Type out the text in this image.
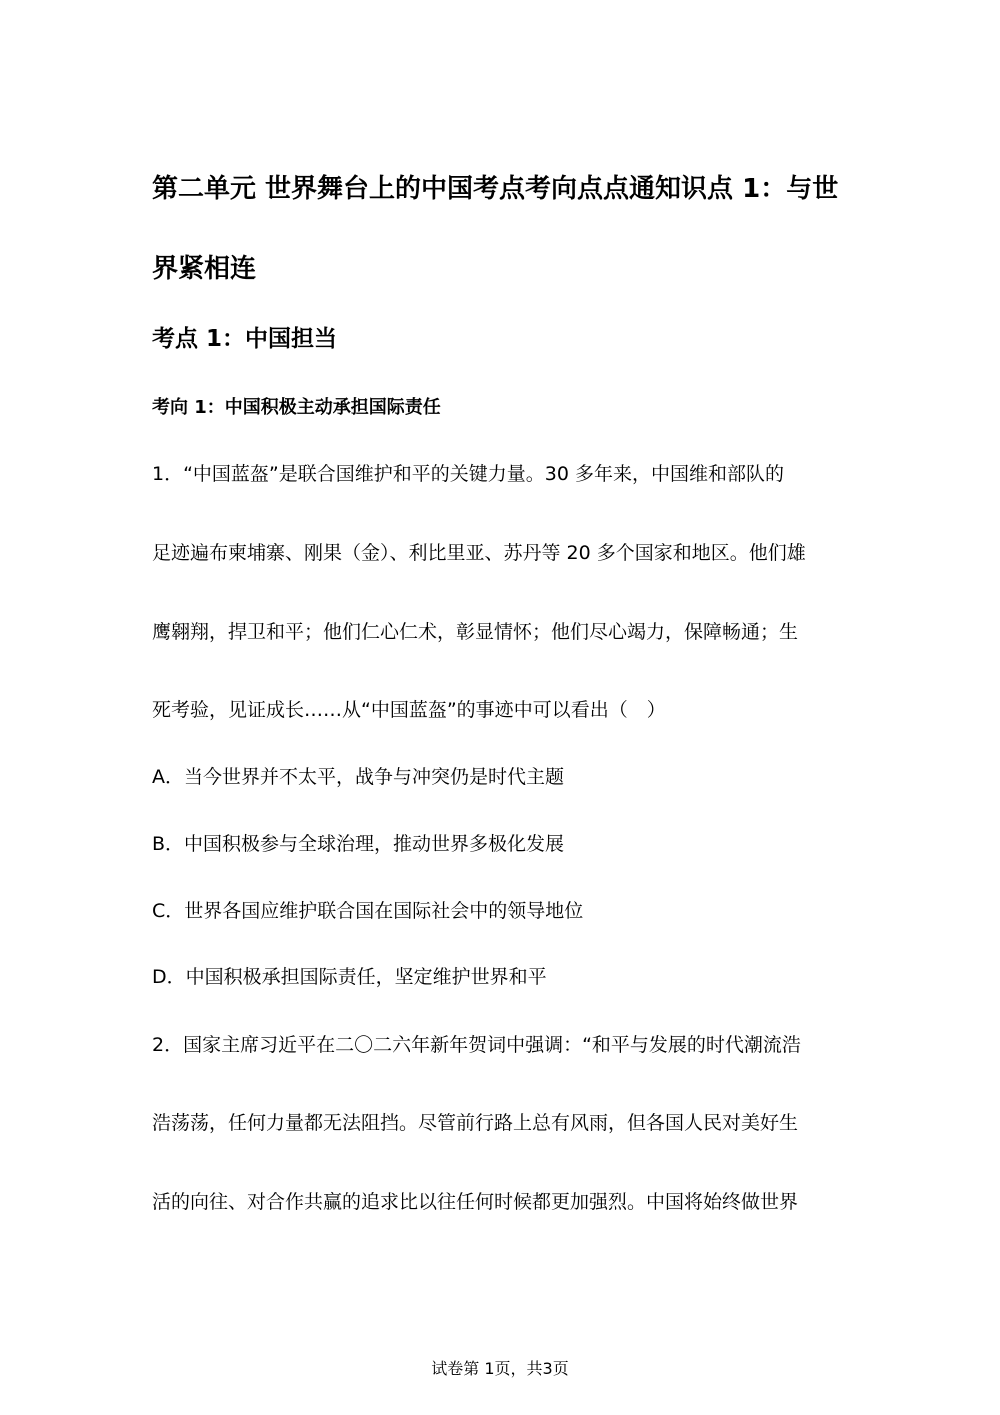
第二单元 世界舞台上的中国考点考向点点通知识点 1：与世
界紧相连
考点 1：中国担当
考向 1：中国积极主动承担国际责任
1．“中国蓝盔”是联合国维护和平的关键力量。30 多年来，中国维和部队的
足迹遍布柬埔寨、刚果（金）、利比里亚、苏丹等 20 多个国家和地区。他们雄
鹰翱翔，捍卫和平；他们仁心仁术，彰显情怀；他们尽心竭力，保障畅通；生
死考验，见证成长……从“中国蓝盔”的事迹中可以看出（　）
A．当今世界并不太平，战争与冲突仍是时代主题
B．中国积极参与全球治理，推动世界多极化发展
C．世界各国应维护联合国在国际社会中的领导地位
D．中国积极承担国际责任，坚定维护世界和平
2．国家主席习近平在二〇二六年新年贺词中强调：“和平与发展的时代潮流浩
浩荡荡，任何力量都无法阻挡。尽管前行路上总有风雨，但各国人民对美好生
活的向往、对合作共赢的追求比以往任何时候都更加强烈。中国将始终做世界
试卷第 1页，共3页
